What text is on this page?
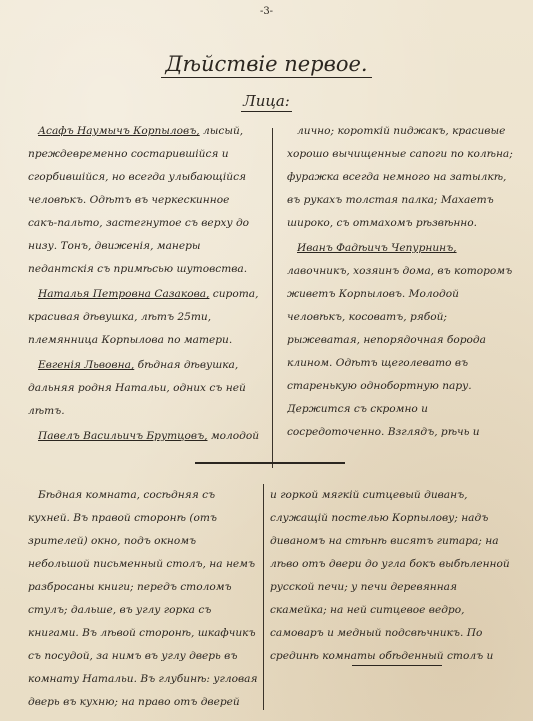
-3-
Дѣйствіе первое.
Лица:

Асафъ Наумычъ Корпыловъ, лысый, преждевременно состарившійся и сгорбившійся, но всегда улыбающійся человѣкъ. Одѣтъ въ черкескинное сакъ-пальто, застегнутое съ верху до низу. Тонъ, движенія, манеры педантскія съ примѣсью шутовства.

Наталья Петровна Сазакова, сирота, красивая дѣвушка, лѣтъ 25ти, племянница Корпылова по матери.

Евгенія Львовна, бѣдная дѣвушка, дальняя родня Натальи, одних съ ней лѣтъ.

Павелъ Васильичъ Брутцовъ, молодой

лично; короткій пиджакъ, красивые хорошо вычищенные сапоги по колѣна; фуражка всегда немного на затылкѣ, въ рукахъ толстая палка; Махаетъ широко, съ отмахомъ рѣзвѣнно.

Иванъ Фадѣичъ Чепурнинъ, лавочникъ, хозяинъ дома, въ которомъ живетъ Корпыловъ. Молодой человѣкъ, косоватъ, рябой; рыжеватая, непорядочная борода клином. Одѣтъ щеголевато въ старенькую однобортную пару. Держится съ скромно и сосредоточенно. Взглядъ, рѣчь и

Бѣдная комната, сосѣдняя съ кухней. Въ правой сторонѣ (отъ зрителей) окно, подъ окномъ небольшой письменный столъ, на немъ разбросаны книги; передъ столомъ стулъ; дальше, въ углу горка съ книгами. Въ лѣвой сторонѣ, шкафчикъ съ посудой, за нимъ въ углу дверь въ комнату Натальи. Въ глубинѣ: угловая дверь въ кухню; на право отъ дверей

и горкой мягкій ситцевый диванъ, служащій постелью Корпылову; надъ диваномъ на стѣнѣ висятъ гитара; на лѣво отъ двери до угла бокъ выбѣленной русской печи; у печи деревянная скамейка; на ней ситцевое ведро, самоваръ и медный подсвѣчникъ. По срединѣ комнаты обѣденный столъ и
